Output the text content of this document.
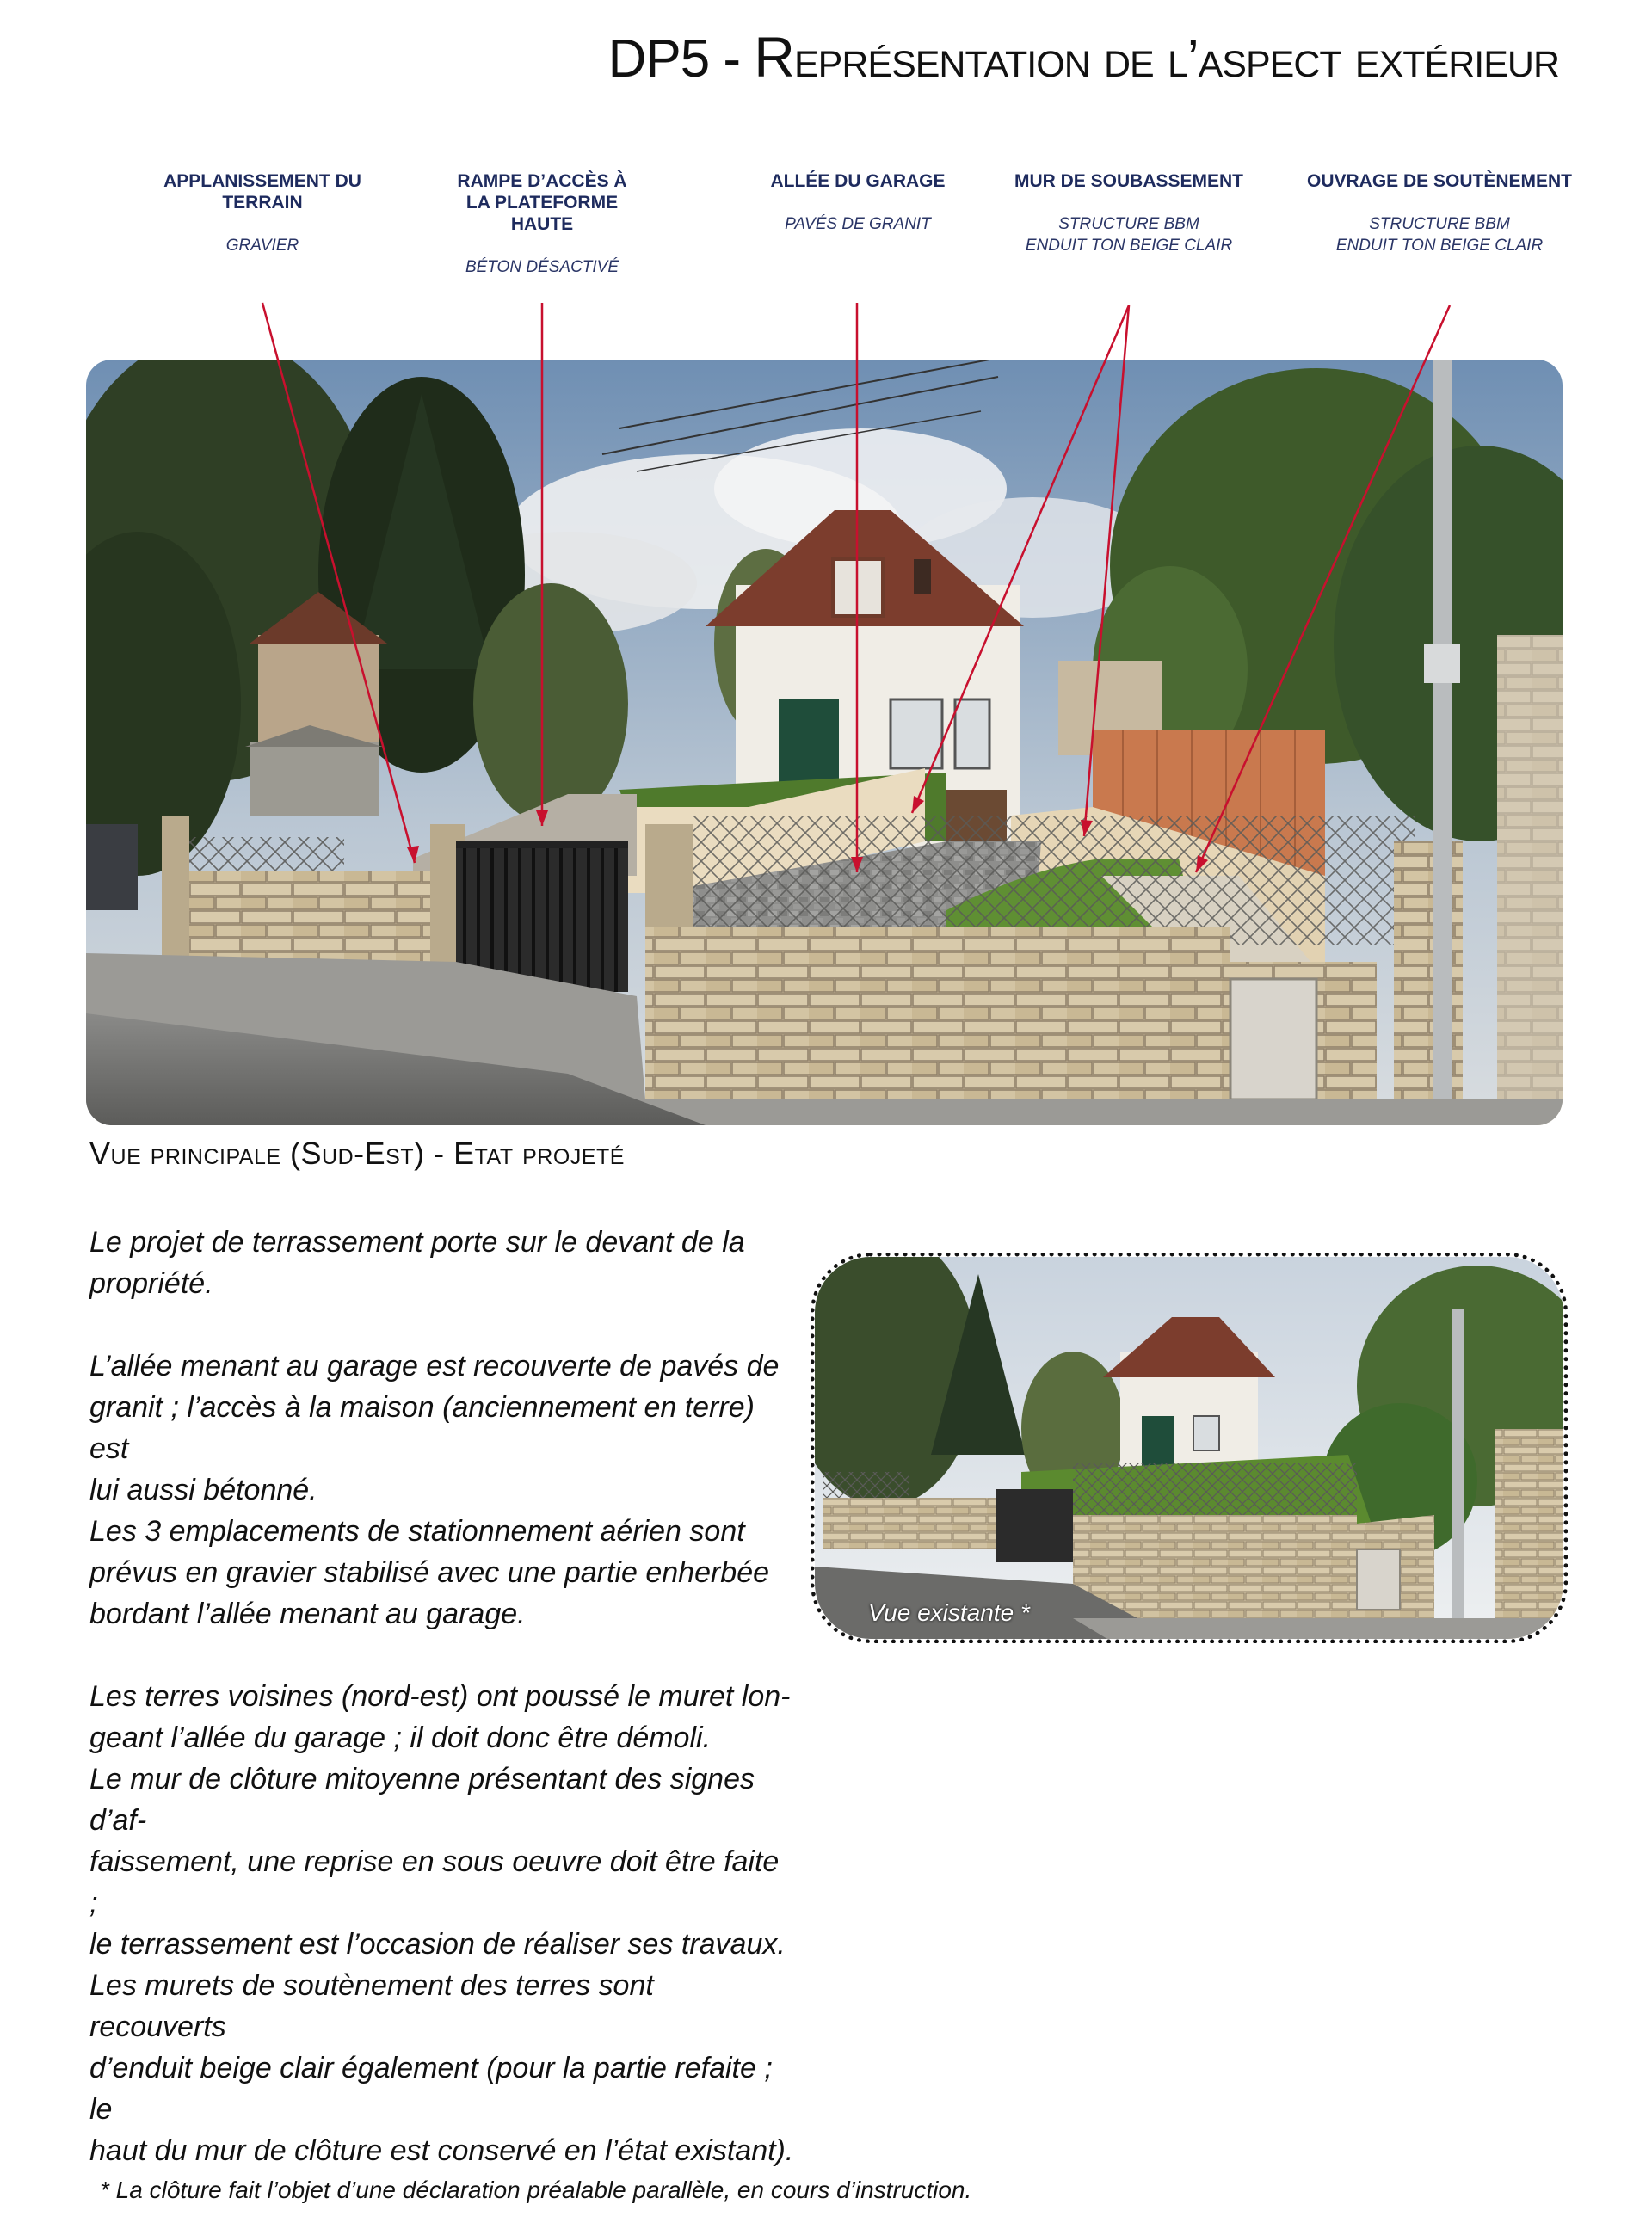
DP5 - Représentation de l’aspect extérieur
APPLANISSEMENT DU
TERRAIN
GRAVIER
RAMPE D’ACCÈS À
LA PLATEFORME
HAUTE
BÉTON DÉSACTIVÉ
ALLÉE DU GARAGE
PAVÉS DE GRANIT
MUR DE SOUBASSEMENT
STRUCTURE BBM
ENDUIT TON BEIGE CLAIR
OUVRAGE DE SOUTÈNEMENT
STRUCTURE BBM
ENDUIT TON BEIGE CLAIR
Vue principale (Sud-Est) - Etat projeté

Le projet de terrassement porte sur le devant de la
propriété.

L’allée menant au garage est recouverte de pavés de
granit ; l’accès à la maison (anciennement en terre) est
lui aussi bétonné.
Les 3 emplacements de stationnement aérien sont
prévus en gravier stabilisé avec une partie enherbée
bordant l’allée menant au garage.

Les terres voisines (nord-est) ont poussé le muret lon-
geant l’allée du garage ; il doit donc être démoli.
Le mur de clôture mitoyenne présentant des signes d’af-
faissement, une reprise en sous oeuvre doit être faite ;
le terrassement est l’occasion de réaliser ses travaux.
Les murets de soutènement des terres sont recouverts
d’enduit beige clair également (pour la partie refaite ; le
haut du mur de clôture est conservé en l’état existant).

Vue existante *
* La clôture fait l’objet d’une déclaration préalable parallèle, en cours d’instruction.
